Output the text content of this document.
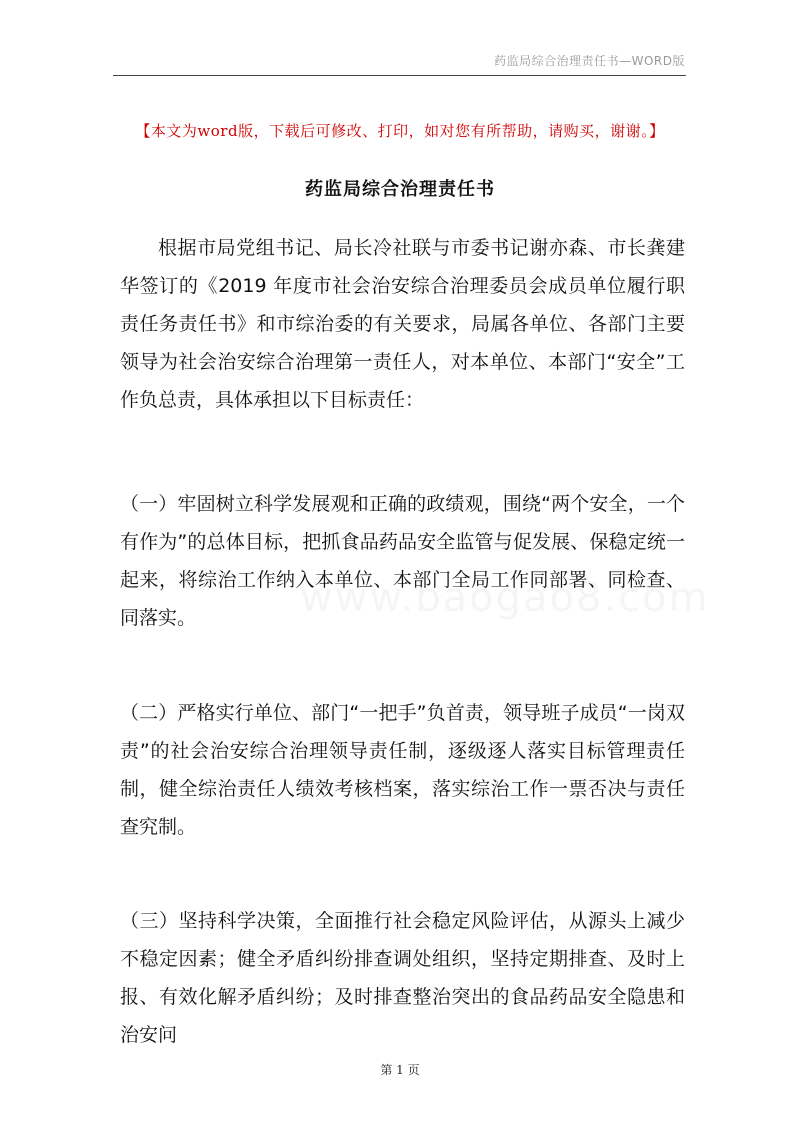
药监局综合治理责任书—WORD版
【本文为word版，下载后可修改、打印，如对您有所帮助，请购买，谢谢。】
药监局综合治理责任书
根据市局党组书记、局长冷社联与市委书记谢亦森、市长龚建华签订的《2019 年度市社会治安综合治理委员会成员单位履行职责任务责任书》和市综治委的有关要求，局属各单位、各部门主要领导为社会治安综合治理第一责任人，对本单位、本部门“安全”工作负总责，具体承担以下目标责任：
（一）牢固树立科学发展观和正确的政绩观，围绕“两个安全，一个有作为”的总体目标，把抓食品药品安全监管与促发展、保稳定统一起来，将综治工作纳入本单位、本部门全局工作同部署、同检查、同落实。
（二）严格实行单位、部门“一把手”负首责，领导班子成员“一岗双责”的社会治安综合治理领导责任制，逐级逐人落实目标管理责任制，健全综治责任人绩效考核档案，落实综治工作一票否决与责任查究制。
（三）坚持科学决策，全面推行社会稳定风险评估，从源头上减少不稳定因素；健全矛盾纠纷排查调处组织，坚持定期排查、及时上报、有效化解矛盾纠纷；及时排查整治突出的食品药品安全隐患和治安问
第 1 页
